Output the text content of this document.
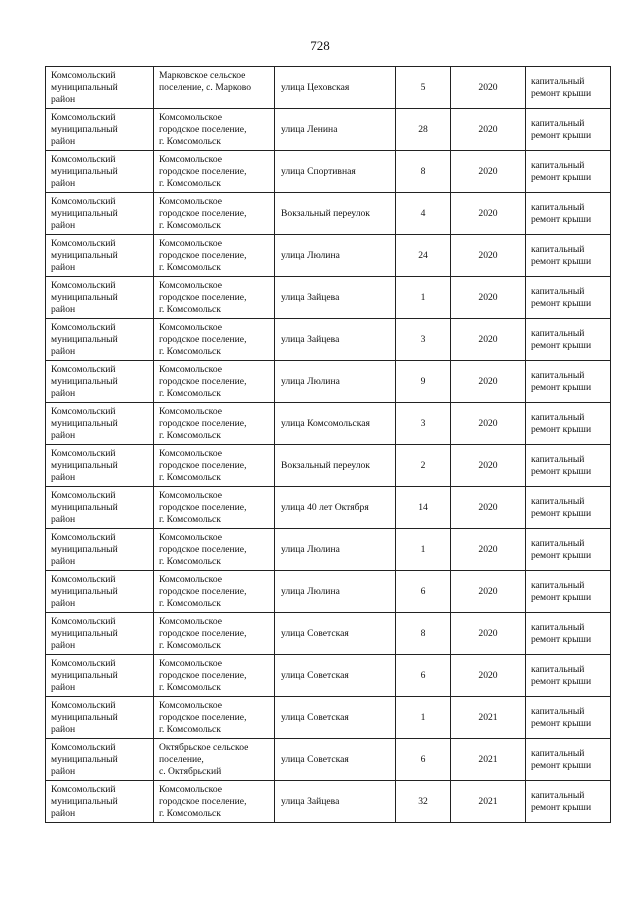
728
Комсомольский
муниципальный
район	Марковское сельское
поселение, с. Марково	улица Цеховская	5	2020	капитальный
ремонт крыши

Комсомольский
муниципальный
район	Комсомольское
городское поселение,
г. Комсомольск	улица Ленина	28	2020	капитальный
ремонт крыши

Комсомольский
муниципальный
район	Комсомольское
городское поселение,
г. Комсомольск	улица Спортивная	8	2020	капитальный
ремонт крыши

Комсомольский
муниципальный
район	Комсомольское
городское поселение,
г. Комсомольск	Вокзальный переулок	4	2020	капитальный
ремонт крыши

Комсомольский
муниципальный
район	Комсомольское
городское поселение,
г. Комсомольск	улица Люлина	24	2020	капитальный
ремонт крыши

Комсомольский
муниципальный
район	Комсомольское
городское поселение,
г. Комсомольск	улица Зайцева	1	2020	капитальный
ремонт крыши

Комсомольский
муниципальный
район	Комсомольское
городское поселение,
г. Комсомольск	улица Зайцева	3	2020	капитальный
ремонт крыши

Комсомольский
муниципальный
район	Комсомольское
городское поселение,
г. Комсомольск	улица Люлина	9	2020	капитальный
ремонт крыши

Комсомольский
муниципальный
район	Комсомольское
городское поселение,
г. Комсомольск	улица Комсомольская	3	2020	капитальный
ремонт крыши

Комсомольский
муниципальный
район	Комсомольское
городское поселение,
г. Комсомольск	Вокзальный переулок	2	2020	капитальный
ремонт крыши

Комсомольский
муниципальный
район	Комсомольское
городское поселение,
г. Комсомольск	улица 40 лет Октября	14	2020	капитальный
ремонт крыши

Комсомольский
муниципальный
район	Комсомольское
городское поселение,
г. Комсомольск	улица Люлина	1	2020	капитальный
ремонт крыши

Комсомольский
муниципальный
район	Комсомольское
городское поселение,
г. Комсомольск	улица Люлина	6	2020	капитальный
ремонт крыши

Комсомольский
муниципальный
район	Комсомольское
городское поселение,
г. Комсомольск	улица Советская	8	2020	капитальный
ремонт крыши

Комсомольский
муниципальный
район	Комсомольское
городское поселение,
г. Комсомольск	улица Советская	6	2020	капитальный
ремонт крыши

Комсомольский
муниципальный
район	Комсомольское
городское поселение,
г. Комсомольск	улица Советская	1	2021	капитальный
ремонт крыши

Комсомольский
муниципальный
район	Октябрьское сельское
поселение,
с. Октябрьский	улица Советская	6	2021	капитальный
ремонт крыши

Комсомольский
муниципальный
район	Комсомольское
городское поселение,
г. Комсомольск	улица Зайцева	32	2021	капитальный
ремонт крыши
